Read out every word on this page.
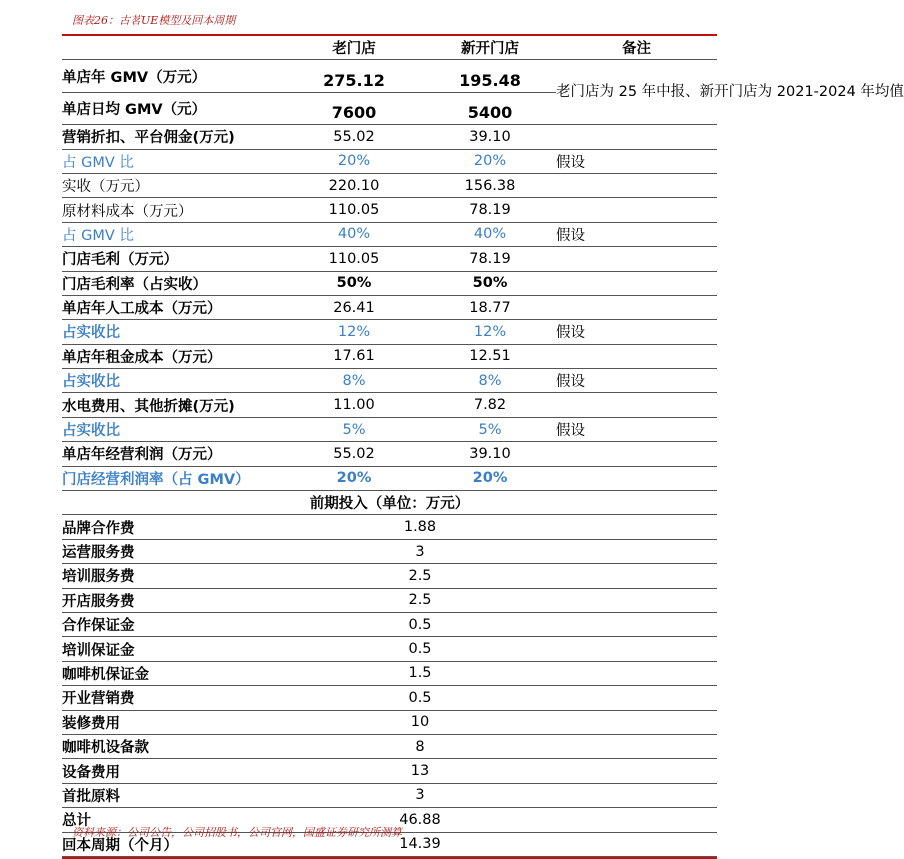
图表26：古茗UE模型及回本周期
	老门店	新开门店	备注
单店年 GMV（万元）	275.12	195.48	老门店为 25 年中报、新开门店为 2021-2024 年均值
单店日均 GMV（元）	7600	5400	
营销折扣、平台佣金(万元)	55.02	39.10	
占 GMV 比	20%	20%	假设
实收（万元）	220.10	156.38	
原材料成本（万元）	110.05	78.19	
占 GMV 比	40%	40%	假设
门店毛利（万元）	110.05	78.19	
门店毛利率（占实收）	50%	50%	
单店年人工成本（万元）	26.41	18.77	
占实收比	12%	12%	假设
单店年租金成本（万元）	17.61	12.51	
占实收比	8%	8%	假设
水电费用、其他折摊(万元)	11.00	7.82	
占实收比	5%	5%	假设
单店年经营利润（万元）	55.02	39.10	
门店经营利润率（占 GMV）	20%	20%	
前期投入（单位：万元）			
品牌合作费	1.88		
运营服务费	3		
培训服务费	2.5		
开店服务费	2.5		
合作保证金	0.5		
培训保证金	0.5		
咖啡机保证金	1.5		
开业营销费	0.5		
装修费用	10		
咖啡机设备款	8		
设备费用	13		
首批原料	3		
总计	46.88		
回本周期（个月）	14.39		
资料来源：公司公告，公司招股书，公司官网，国盛证券研究所测算
